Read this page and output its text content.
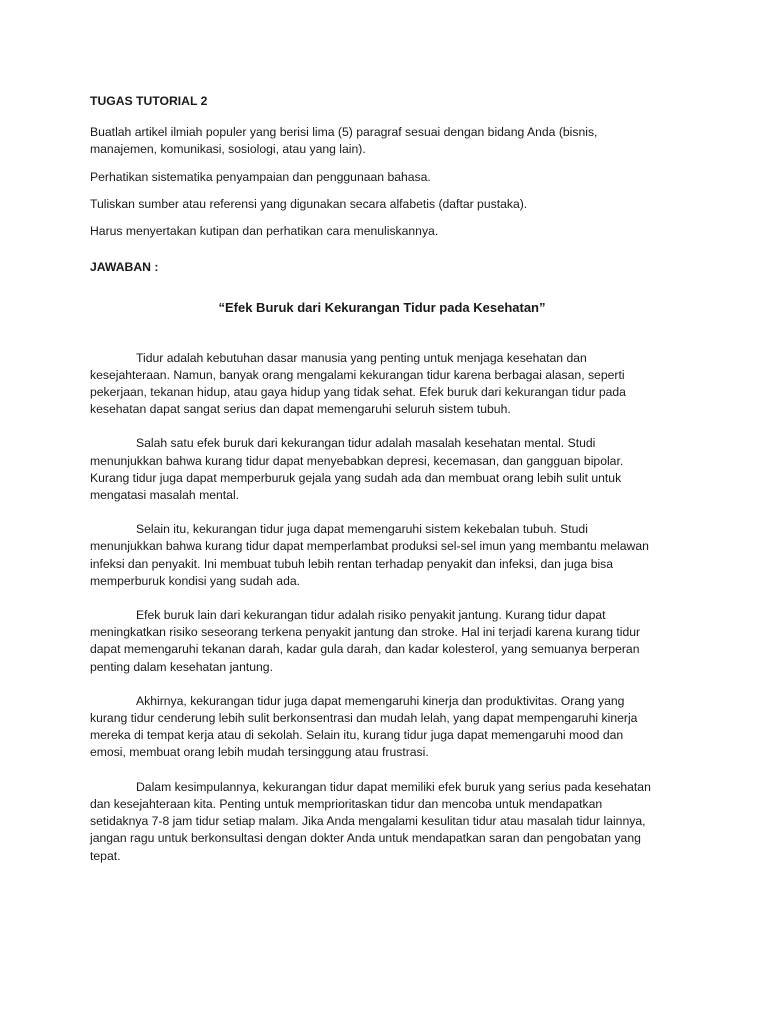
TUGAS TUTORIAL 2

Buatlah artikel ilmiah populer yang berisi lima (5) paragraf sesuai dengan bidang Anda (bisnis,
manajemen, komunikasi, sosiologi, atau yang lain).

Perhatikan sistematika penyampaian dan penggunaan bahasa.

Tuliskan sumber atau referensi yang digunakan secara alfabetis (daftar pustaka).

Harus menyertakan kutipan dan perhatikan cara menuliskannya.

JAWABAN :

“Efek Buruk dari Kekurangan Tidur pada Kesehatan”

Tidur adalah kebutuhan dasar manusia yang penting untuk menjaga kesehatan dan
kesejahteraan. Namun, banyak orang mengalami kekurangan tidur karena berbagai alasan, seperti
pekerjaan, tekanan hidup, atau gaya hidup yang tidak sehat. Efek buruk dari kekurangan tidur pada
kesehatan dapat sangat serius dan dapat memengaruhi seluruh sistem tubuh.
Salah satu efek buruk dari kekurangan tidur adalah masalah kesehatan mental. Studi
menunjukkan bahwa kurang tidur dapat menyebabkan depresi, kecemasan, dan gangguan bipolar.
Kurang tidur juga dapat memperburuk gejala yang sudah ada dan membuat orang lebih sulit untuk
mengatasi masalah mental.
Selain itu, kekurangan tidur juga dapat memengaruhi sistem kekebalan tubuh. Studi
menunjukkan bahwa kurang tidur dapat memperlambat produksi sel-sel imun yang membantu melawan
infeksi dan penyakit. Ini membuat tubuh lebih rentan terhadap penyakit dan infeksi, dan juga bisa
memperburuk kondisi yang sudah ada.
Efek buruk lain dari kekurangan tidur adalah risiko penyakit jantung. Kurang tidur dapat
meningkatkan risiko seseorang terkena penyakit jantung dan stroke. Hal ini terjadi karena kurang tidur
dapat memengaruhi tekanan darah, kadar gula darah, dan kadar kolesterol, yang semuanya berperan
penting dalam kesehatan jantung.
Akhirnya, kekurangan tidur juga dapat memengaruhi kinerja dan produktivitas. Orang yang
kurang tidur cenderung lebih sulit berkonsentrasi dan mudah lelah, yang dapat mempengaruhi kinerja
mereka di tempat kerja atau di sekolah. Selain itu, kurang tidur juga dapat memengaruhi mood dan
emosi, membuat orang lebih mudah tersinggung atau frustrasi.
Dalam kesimpulannya, kekurangan tidur dapat memiliki efek buruk yang serius pada kesehatan
dan kesejahteraan kita. Penting untuk memprioritaskan tidur dan mencoba untuk mendapatkan
setidaknya 7-8 jam tidur setiap malam. Jika Anda mengalami kesulitan tidur atau masalah tidur lainnya,
jangan ragu untuk berkonsultasi dengan dokter Anda untuk mendapatkan saran dan pengobatan yang
tepat.
